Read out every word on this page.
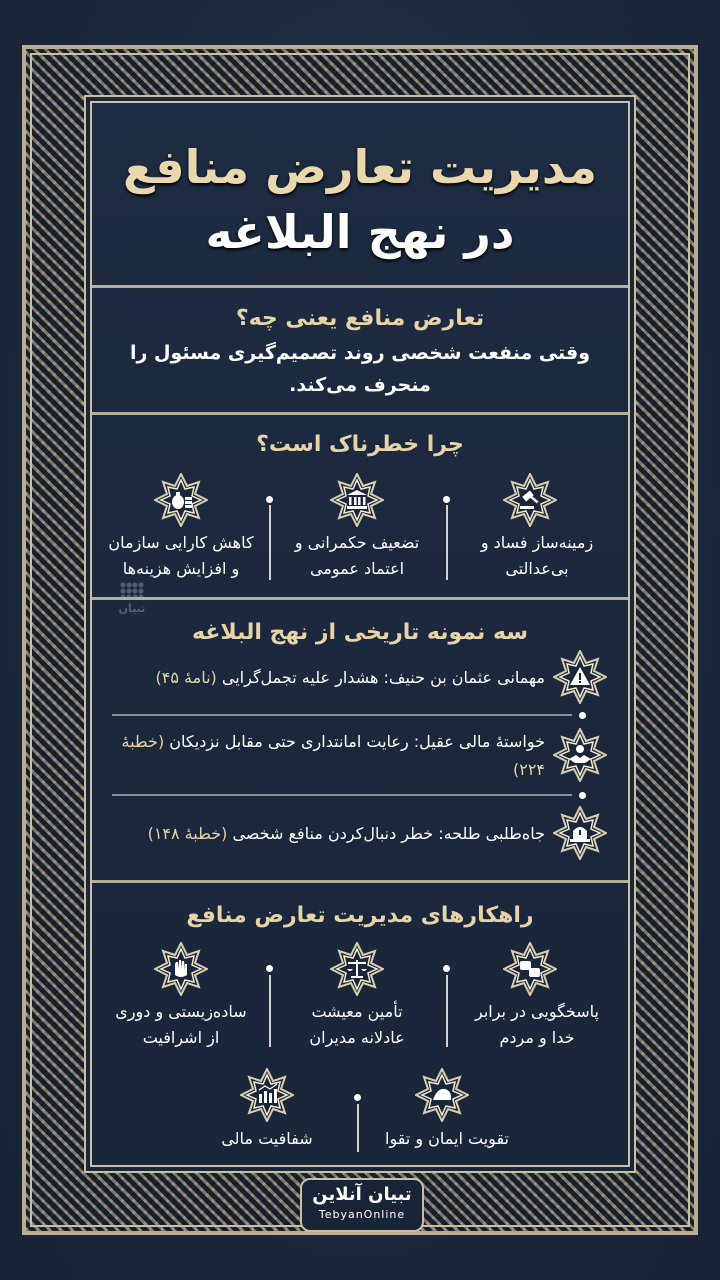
مدیریت تعارض منافع
در نهج البلاغه
تعارض منافع یعنی چه؟
وقتی منفعت شخصی روند تصمیم‌گیری مسئول را
منحرف می‌کند.
چرا خطرناک است؟
زمینه‌ساز فساد و
بی‌عدالتی
تضعیف حکمرانی و
اعتماد عمومی
کاهش کارایی سازمان
و افزایش هزینه‌ها
تبیان
سه نمونه تاریخی از نهج البلاغه
مهمانی عثمان بن حنیف: هشدار علیه تجمل‌گرایی (نامهٔ ۴۵)
خواستهٔ مالی عقیل: رعایت امانتداری حتی مقابل نزدیکان (خطبهٔ ۲۲۴)
جاه‌طلبی طلحه: خطر دنبال‌کردن منافع شخصی (خطبهٔ ۱۴۸)
راهکارهای مدیریت تعارض منافع
پاسخگویی در برابر
خدا و مردم
تأمین معیشت
عادلانه مدیران
ساده‌زیستی و دوری
از اشرافیت
تقویت ایمان و تقوا
شفافیت مالی
تبیان آنلاین
TebyanOnline
